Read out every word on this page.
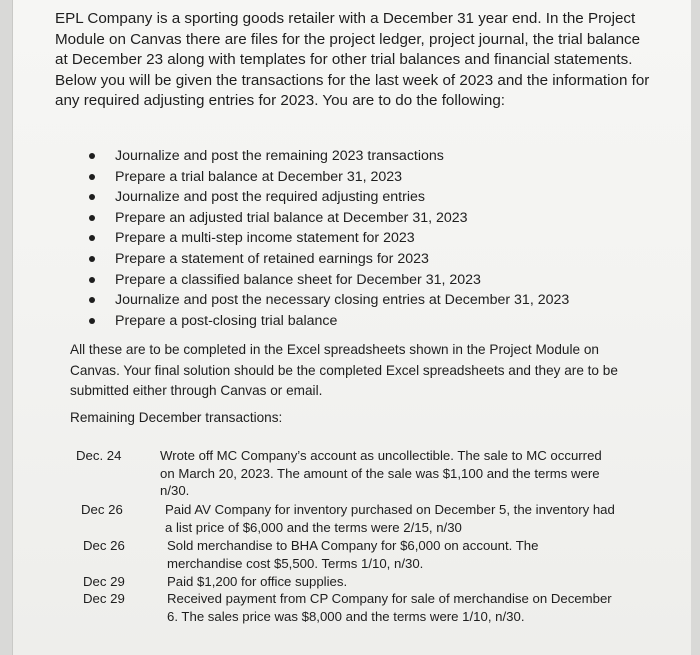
EPL Company is a sporting goods retailer with a December 31 year end. In the Project Module on Canvas there are files for the project ledger, project journal, the trial balance at December 23 along with templates for other trial balances and financial statements. Below you will be given the transactions for the last week of 2023 and the information for any required adjusting entries for 2023. You are to do the following:

Journalize and post the remaining 2023 transactions
Prepare a trial balance at December 31, 2023
Journalize and post the required adjusting entries
Prepare an adjusted trial balance at December 31, 2023
Prepare a multi-step income statement for 2023
Prepare a statement of retained earnings for 2023
Prepare a classified balance sheet for December 31, 2023
Journalize and post the necessary closing entries at December 31, 2023
Prepare a post-closing trial balance

All these are to be completed in the Excel spreadsheets shown in the Project Module on Canvas. Your final solution should be the completed Excel spreadsheets and they are to be submitted either through Canvas or email.

Remaining December transactions:

Dec. 24	Wrote off MC Company’s account as uncollectible. The sale to MC occurred on March 20, 2023. The amount of the sale was $1,100 and the terms were n/30.
Dec 26	Paid AV Company for inventory purchased on December 5, the inventory had a list price of $6,000 and the terms were 2/15, n/30
Dec 26	Sold merchandise to BHA Company for $6,000 on account. The merchandise cost $5,500. Terms 1/10, n/30.
Dec 29	Paid $1,200 for office supplies.
Dec 29	Received payment from CP Company for sale of merchandise on December 6. The sales price was $8,000 and the terms were 1/10, n/30.
